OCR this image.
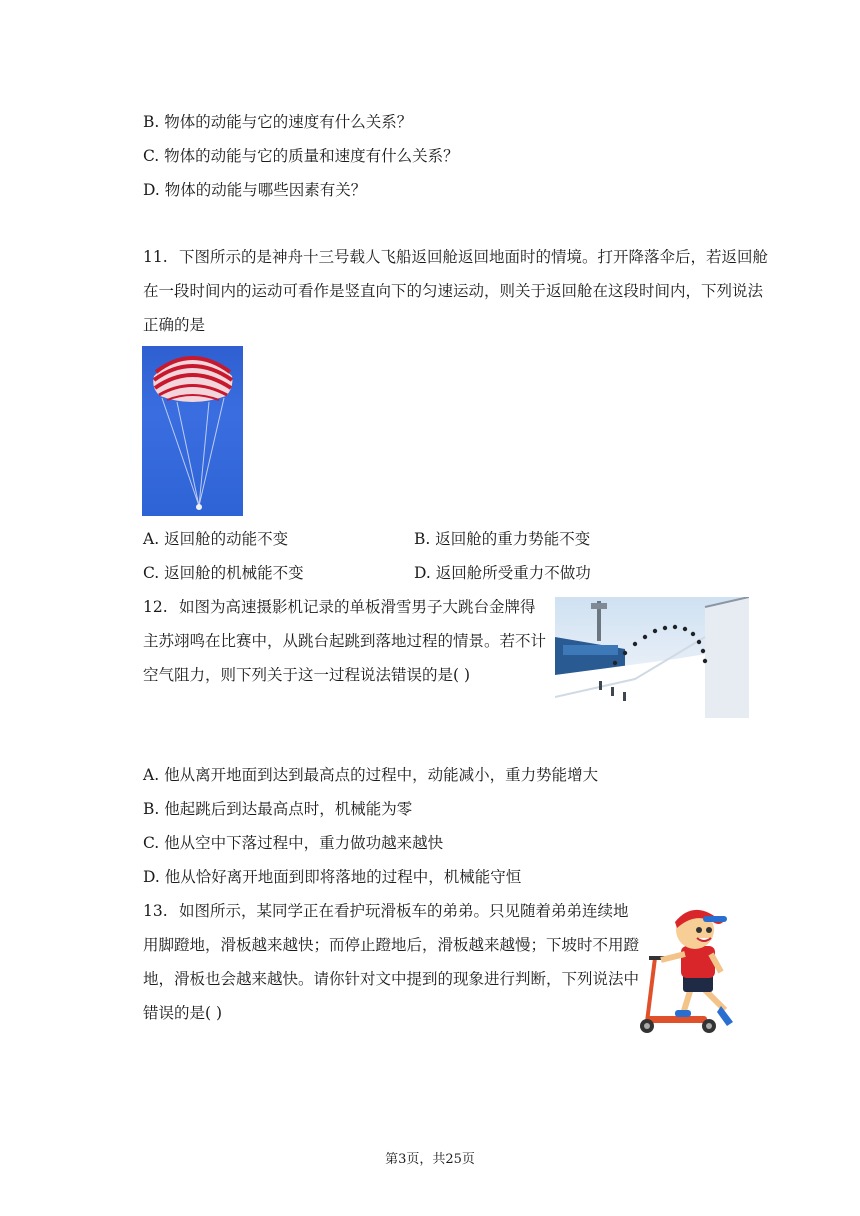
B. 物体的动能与它的速度有什么关系？
C. 物体的动能与它的质量和速度有什么关系？
D. 物体的动能与哪些因素有关？
11. 下图所示的是神舟十三号载人飞船返回舱返回地面时的情境。打开降落伞后，若返回舱
在一段时间内的运动可看作是竖直向下的匀速运动，则关于返回舱在这段时间内，下列说法
正确的是
A. 返回舱的动能不变	B. 返回舱的重力势能不变
C. 返回舱的机械能不变	D. 返回舱所受重力不做功
12. 如图为高速摄影机记录的单板滑雪男子大跳台金牌得
主苏翊鸣在比赛中，从跳台起跳到落地过程的情景。若不计
空气阻力，则下列关于这一过程说法错误的是( )
A. 他从离开地面到达到最高点的过程中，动能减小，重力势能增大
B. 他起跳后到达最高点时，机械能为零
C. 他从空中下落过程中，重力做功越来越快
D. 他从恰好离开地面到即将落地的过程中，机械能守恒
13. 如图所示，某同学正在看护玩滑板车的弟弟。只见随着弟弟连续地
用脚蹬地，滑板越来越快；而停止蹬地后，滑板越来越慢；下坡时不用蹬
地，滑板也会越来越快。请你针对文中提到的现象进行判断，下列说法中
错误的是( )
第3页，共25页
